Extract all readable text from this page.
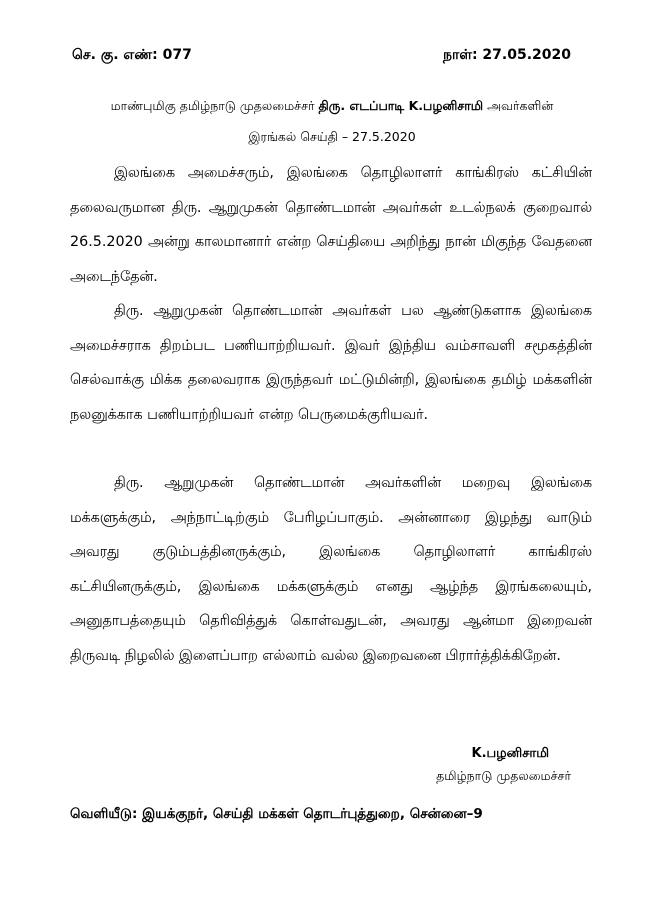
செ. கு. எண்: 077	நாள்: 27.05.2020
மாண்புமிகு தமிழ்நாடு முதலமைச்சர் திரு. எடப்பாடி K.பழனிசாமி அவர்களின்
இரங்கல் செய்தி – 27.5.2020

இலங்கை அமைச்சரும், இலங்கை தொழிலாளர் காங்கிரஸ் கட்சியின் தலைவருமான திரு. ஆறுமுகன் தொண்டமான் அவர்கள் உடல்நலக் குறைவால் 26.5.2020 அன்று காலமானார் என்ற செய்தியை அறிந்து நான் மிகுந்த வேதனை அடைந்தேன்.

திரு. ஆறுமுகன் தொண்டமான் அவர்கள் பல ஆண்டுகளாக இலங்கை அமைச்சராக திறம்பட பணியாற்றியவர். இவர் இந்திய வம்சாவளி சமூகத்தின் செல்வாக்கு மிக்க தலைவராக இருந்தவர் மட்டுமின்றி, இலங்கை தமிழ் மக்களின் நலனுக்காக பணியாற்றியவர் என்ற பெருமைக்குரியவர்.

திரு. ஆறுமுகன் தொண்டமான் அவர்களின் மறைவு இலங்கை மக்களுக்கும், அந்நாட்டிற்கும் பேரிழப்பாகும். அன்னாரை இழந்து வாடும் அவரது குடும்பத்தினருக்கும், இலங்கை தொழிலாளர் காங்கிரஸ் கட்சியினருக்கும், இலங்கை மக்களுக்கும் எனது ஆழ்ந்த இரங்கலையும், அனுதாபத்தையும் தெரிவித்துக் கொள்வதுடன், அவரது ஆன்மா இறைவன் திருவடி நிழலில் இளைப்பாற எல்லாம் வல்ல இறைவனை பிரார்த்திக்கிறேன்.

K.பழனிசாமி
தமிழ்நாடு முதலமைச்சர்
வெளியீடு: இயக்குநர், செய்தி மக்கள் தொடர்புத்துறை, சென்னை–9
